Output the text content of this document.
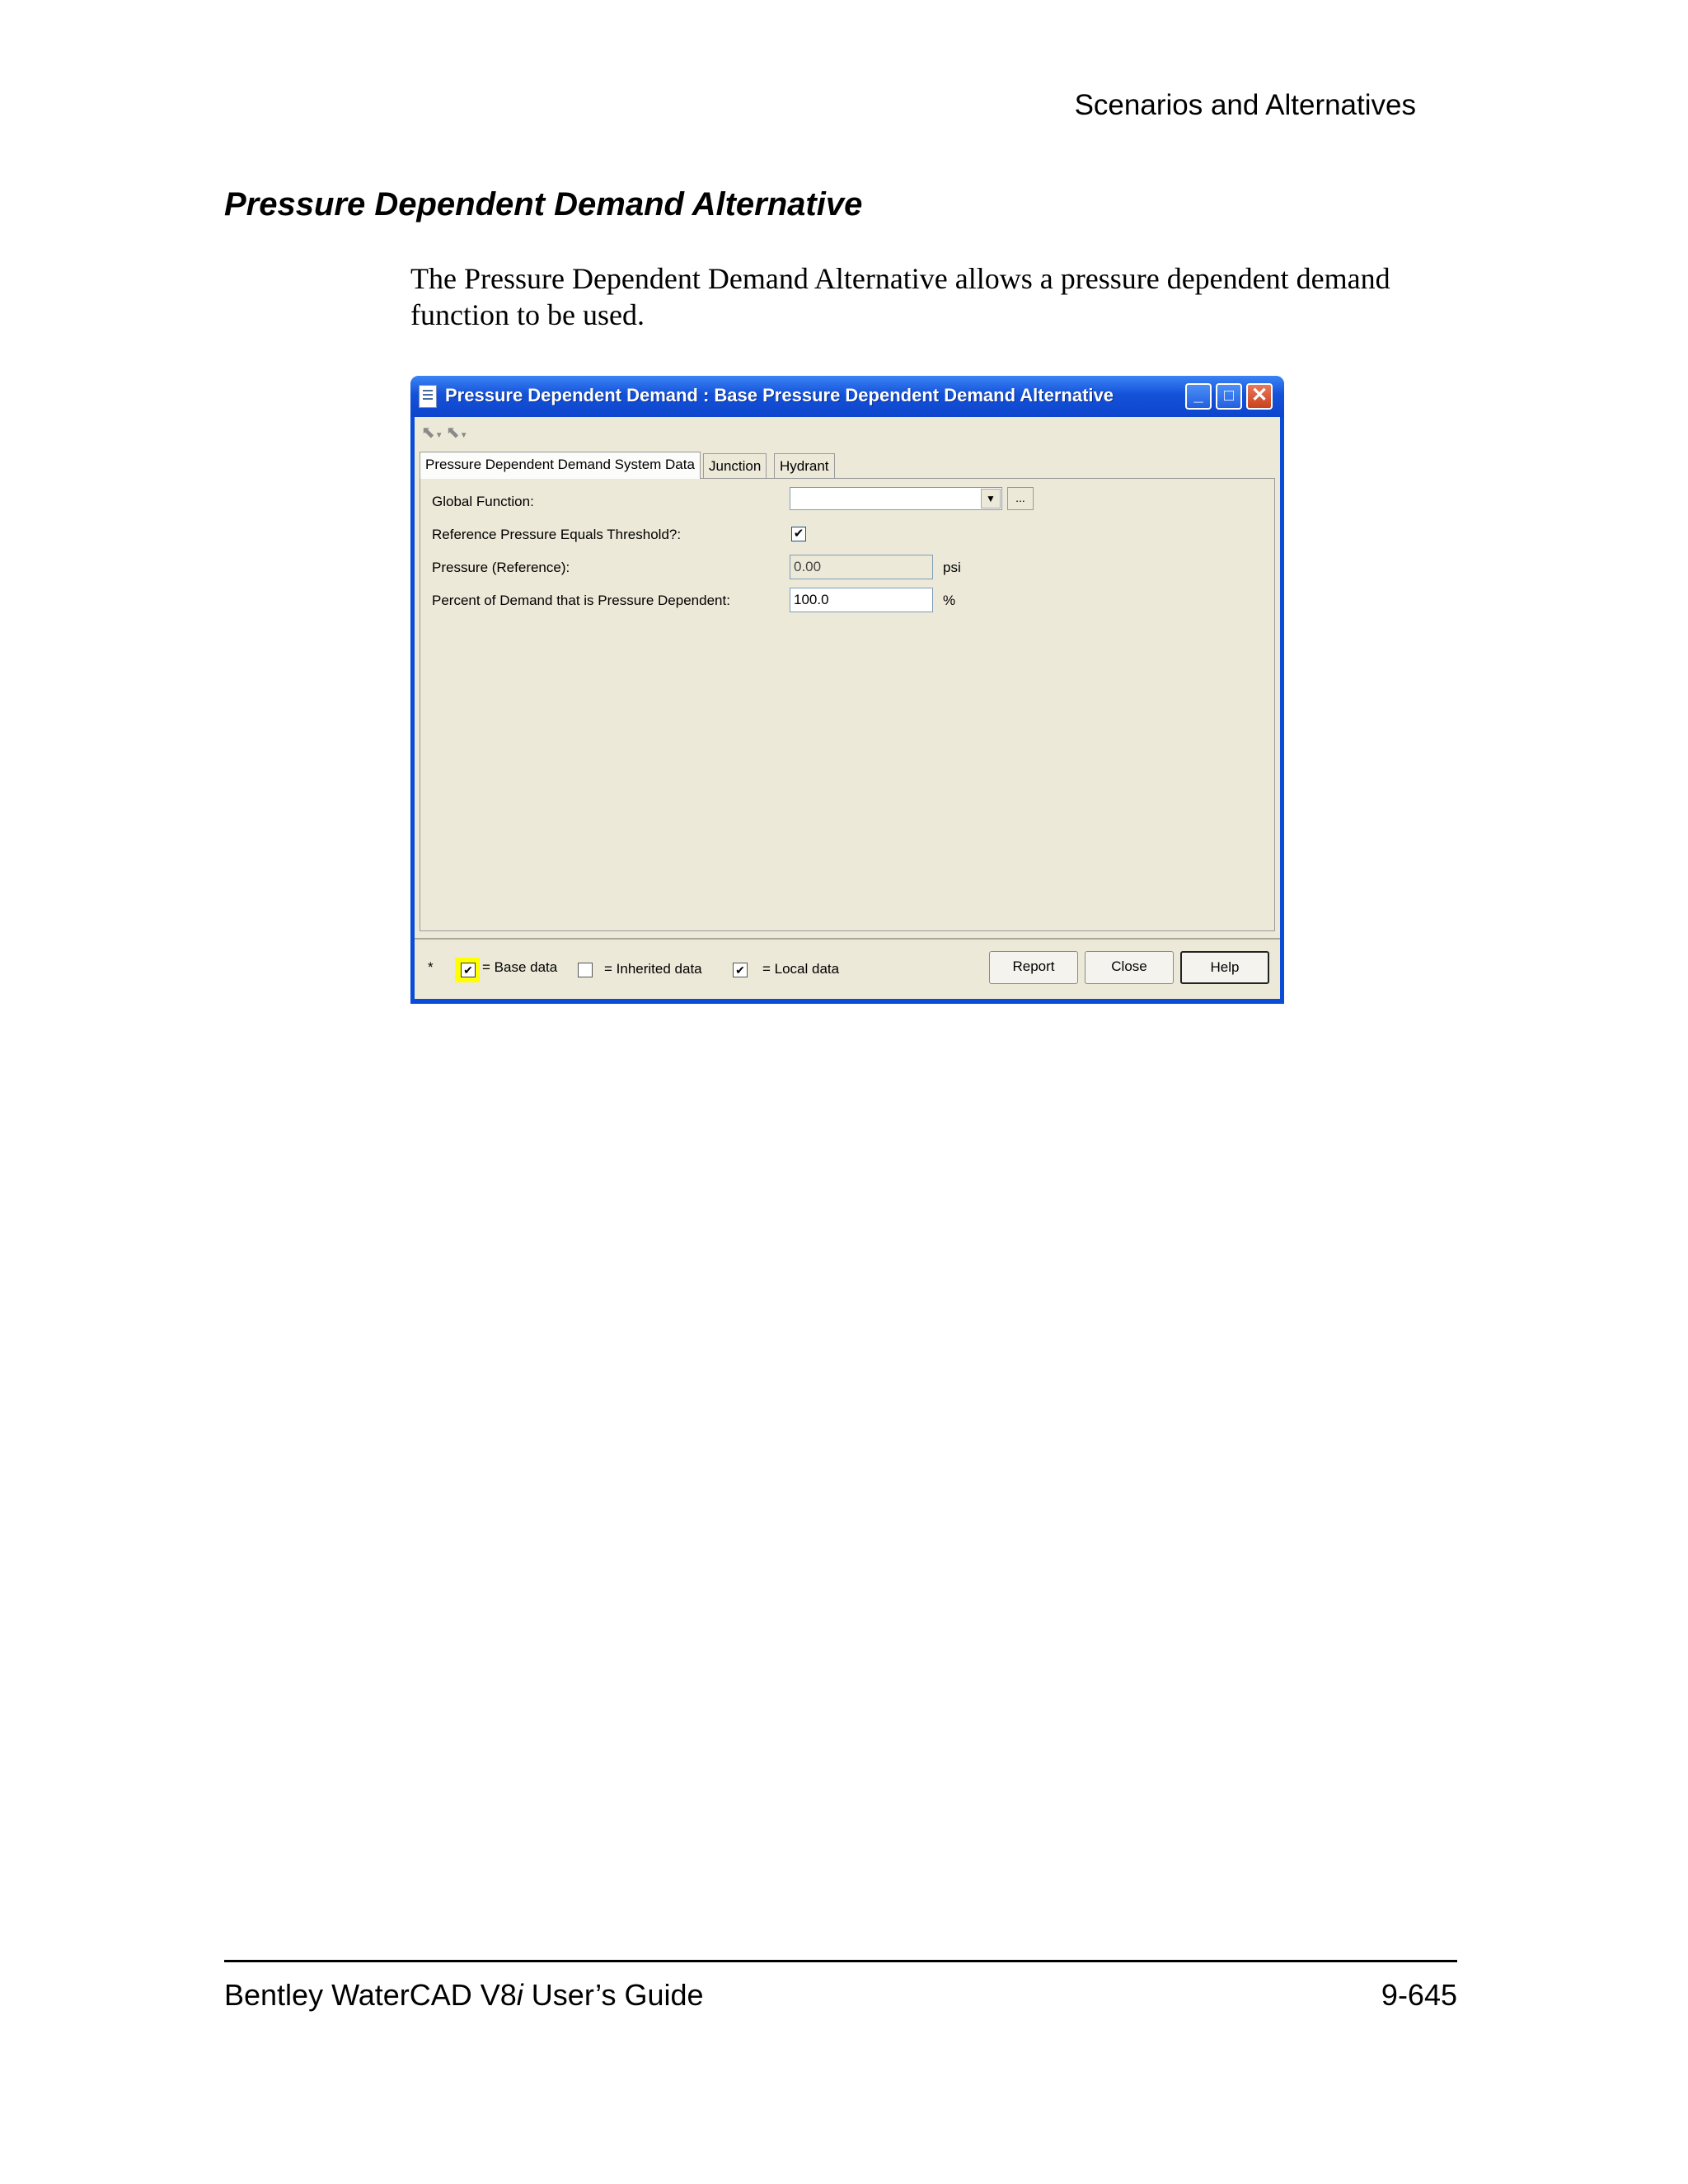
Scenarios and Alternatives
Pressure Dependent Demand Alternative
The Pressure Dependent Demand Alternative allows a pressure dependent demand function to be used.
Pressure Dependent Demand : Base Pressure Dependent Demand Alternative	_	□ ✕
⬉▼ ⬉▼
Pressure Dependent Demand System Data	Junction	Hydrant
Global Function:	▼	...
Reference Pressure Equals Threshold?:	✔
Pressure (Reference):	0.00	psi
Percent of Demand that is Pressure Dependent:	100.0	%
*	✔ = Base data	= Inherited data	✔ = Local data	Report	Close	Help
Bentley WaterCAD V8i User’s Guide	9-645
